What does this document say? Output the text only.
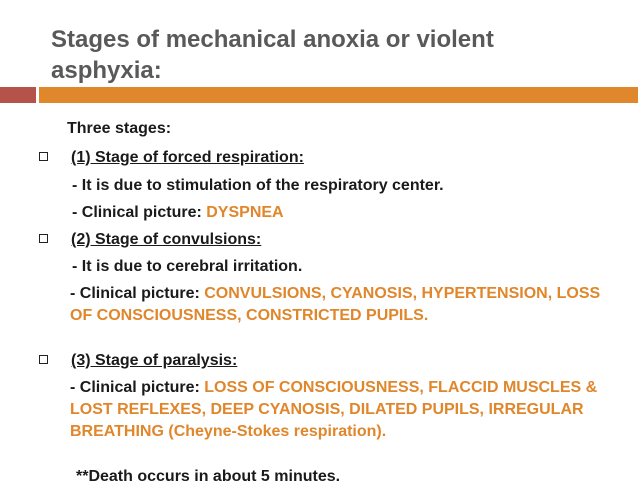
Stages of mechanical anoxia or violent asphyxia:
Three stages:
(1) Stage of forced respiration:
- It is due to stimulation of the respiratory center.
- Clinical picture: DYSPNEA
(2) Stage of convulsions:
- It is due to cerebral irritation.
- Clinical picture: CONVULSIONS, CYANOSIS, HYPERTENSION, LOSS OF CONSCIOUSNESS, CONSTRICTED PUPILS.
(3) Stage of paralysis:
- Clinical picture: LOSS OF CONSCIOUSNESS, FLACCID MUSCLES & LOST REFLEXES, DEEP CYANOSIS, DILATED PUPILS, IRREGULAR BREATHING (Cheyne-Stokes respiration).
**Death occurs in about 5 minutes.
